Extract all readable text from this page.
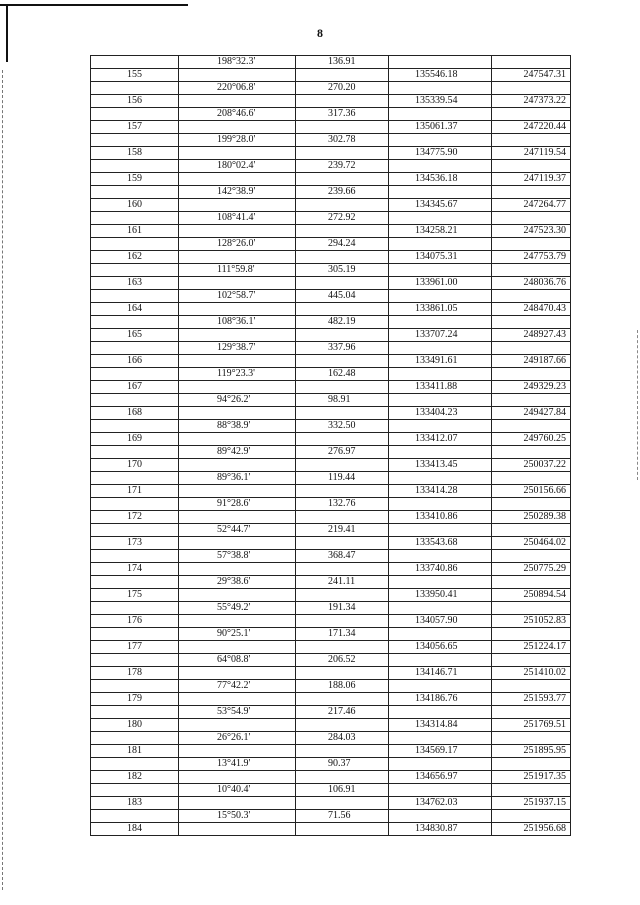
8
	198°32.3'	136.91		
155			135546.18	247547.31
	220°06.8'	270.20		
156			135339.54	247373.22
	208°46.6'	317.36		
157			135061.37	247220.44
	199°28.0'	302.78		
158			134775.90	247119.54
	180°02.4'	239.72		
159			134536.18	247119.37
	142°38.9'	239.66		
160			134345.67	247264.77
	108°41.4'	272.92		
161			134258.21	247523.30
	128°26.0'	294.24		
162			134075.31	247753.79
	111°59.8'	305.19		
163			133961.00	248036.76
	102°58.7'	445.04		
164			133861.05	248470.43
	108°36.1'	482.19		
165			133707.24	248927.43
	129°38.7'	337.96		
166			133491.61	249187.66
	119°23.3'	162.48		
167			133411.88	249329.23
	94°26.2'	98.91		
168			133404.23	249427.84
	88°38.9'	332.50		
169			133412.07	249760.25
	89°42.9'	276.97		
170			133413.45	250037.22
	89°36.1'	119.44		
171			133414.28	250156.66
	91°28.6'	132.76		
172			133410.86	250289.38
	52°44.7'	219.41		
173			133543.68	250464.02
	57°38.8'	368.47		
174			133740.86	250775.29
	29°38.6'	241.11		
175			133950.41	250894.54
	55°49.2'	191.34		
176			134057.90	251052.83
	90°25.1'	171.34		
177			134056.65	251224.17
	64°08.8'	206.52		
178			134146.71	251410.02
	77°42.2'	188.06		
179			134186.76	251593.77
	53°54.9'	217.46		
180			134314.84	251769.51
	26°26.1'	284.03		
181			134569.17	251895.95
	13°41.9'	90.37		
182			134656.97	251917.35
	10°40.4'	106.91		
183			134762.03	251937.15
	15°50.3'	71.56		
184			134830.87	251956.68
